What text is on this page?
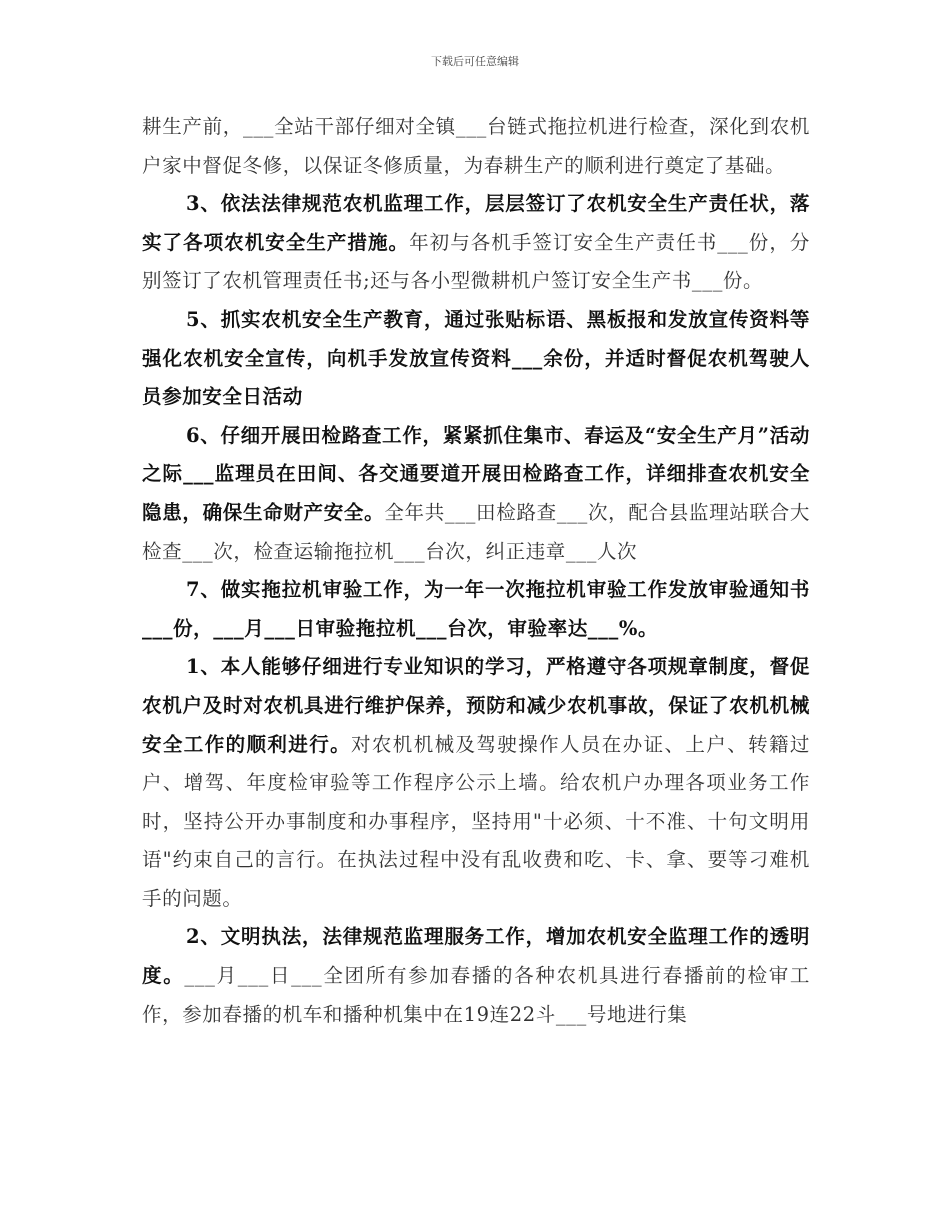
下载后可任意编辑

耕生产前，___全站干部仔细对全镇___台链式拖拉机进行检查，深化到农机户家中督促冬修，以保证冬修质量，为春耕生产的顺利进行奠定了基础。

3、依法法律规范农机监理工作，层层签订了农机安全生产责任状，落实了各项农机安全生产措施。年初与各机手签订安全生产责任书___份，分别签订了农机管理责任书;还与各小型微耕机户签订安全生产书___份。

5、抓实农机安全生产教育，通过张贴标语、黑板报和发放宣传资料等强化农机安全宣传，向机手发放宣传资料___余份，并适时督促农机驾驶人员参加安全日活动

6、仔细开展田检路查工作，紧紧抓住集市、春运及“安全生产月”活动之际___监理员在田间、各交通要道开展田检路查工作，详细排查农机安全隐患，确保生命财产安全。全年共___田检路查___次，配合县监理站联合大检查___次，检查运输拖拉机___台次，纠正违章___人次

7、做实拖拉机审验工作，为一年一次拖拉机审验工作发放审验通知书___份，___月___日审验拖拉机___台次，审验率达___%。

1、本人能够仔细进行专业知识的学习，严格遵守各项规章制度，督促农机户及时对农机具进行维护保养，预防和减少农机事故，保证了农机机械安全工作的顺利进行。对农机机械及驾驶操作人员在办证、上户、转籍过户、增驾、年度检审验等工作程序公示上墙。给农机户办理各项业务工作时，坚持公开办事制度和办事程序，坚持用"十必须、十不准、十句文明用语"约束自己的言行。在执法过程中没有乱收费和吃、卡、拿、要等刁难机手的问题。

2、文明执法，法律规范监理服务工作，增加农机安全监理工作的透明度。___月___日___全团所有参加春播的各种农机具进行春播前的检审工作，参加春播的机车和播种机集中在19连22斗___号地进行集
